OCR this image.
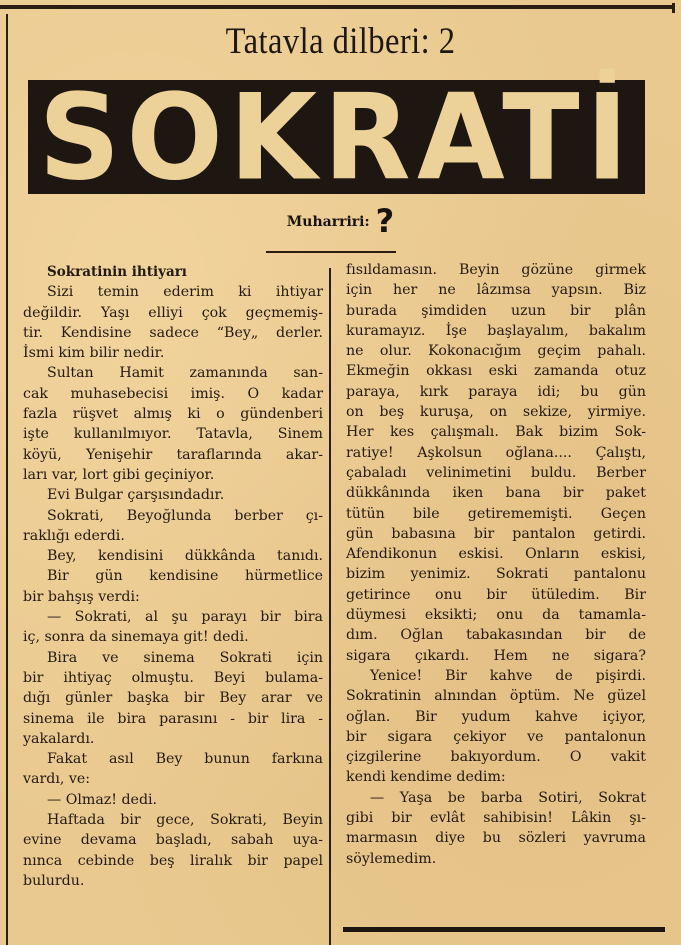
Tatavla dilberi: 2
SOKRATİ
Muharriri: ?
Sokratinin ihtiyarı
Sizi temin ederim ki ihtiyar
değildir. Yaşı elliyi çok geçmemiş-
tir. Kendisine sadece “Bey„ derler.
İsmi kim bilir nedir.
Sultan Hamit zamanında san-
cak muhasebecisi imiş. O kadar
fazla rüşvet almış ki o gündenberi
işte kullanılmıyor. Tatavla, Sinem
köyü, Yenişehir taraflarında akar-
ları var, lort gibi geçiniyor.
Evi Bulgar çarşısındadır.
Sokrati, Beyoğlunda berber çı-
raklığı ederdi.
Bey, kendisini dükkânda tanıdı.
Bir gün kendisine hürmetlice
bir bahşış verdi:
— Sokrati, al şu parayı bir bira
iç, sonra da sinemaya git! dedi.
Bira ve sinema Sokrati için
bir ihtiyaç olmuştu. Beyi bulama-
dığı günler başka bir Bey arar ve
sinema ile bira parasını - bir lira -
yakalardı.
Fakat asıl Bey bunun farkına
vardı, ve:
— Olmaz! dedi.
Haftada bir gece, Sokrati, Beyin
evine devama başladı, sabah uya-
nınca cebinde beş liralık bir papel
bulurdu.
fısıldamasın. Beyin gözüne girmek
için her ne lâzımsa yapsın. Biz
burada şimdiden uzun bir plân
kuramayız. İşe başlayalım, bakalım
ne olur. Kokonacığım geçim pahalı.
Ekmeğin okkası eski zamanda otuz
paraya, kırk paraya idi; bu gün
on beş kuruşa, on sekize, yirmiye.
Her kes çalışmalı. Bak bizim Sok-
ratiye! Aşkolsun oğlana.... Çalıştı,
çabaladı velinimetini buldu. Berber
dükkânında iken bana bir paket
tütün bile getirememişti. Geçen
gün babasına bir pantalon getirdi.
Afendikonun eskisi. Onların eskisi,
bizim yenimiz. Sokrati pantalonu
getirince onu bir ütüledim. Bir
düymesi eksikti; onu da tamamla-
dım. Oğlan tabakasından bir de
sigara çıkardı. Hem ne sigara?
Yenice! Bir kahve de pişirdi.
Sokratinin alnından öptüm. Ne güzel
oğlan. Bir yudum kahve içiyor,
bir sigara çekiyor ve pantalonun
çizgilerine bakıyordum. O vakit
kendi kendime dedim:
— Yaşa be barba Sotiri, Sokrat
gibi bir evlât sahibisin! Lâkin şı-
marmasın diye bu sözleri yavruma
söylemedim.
